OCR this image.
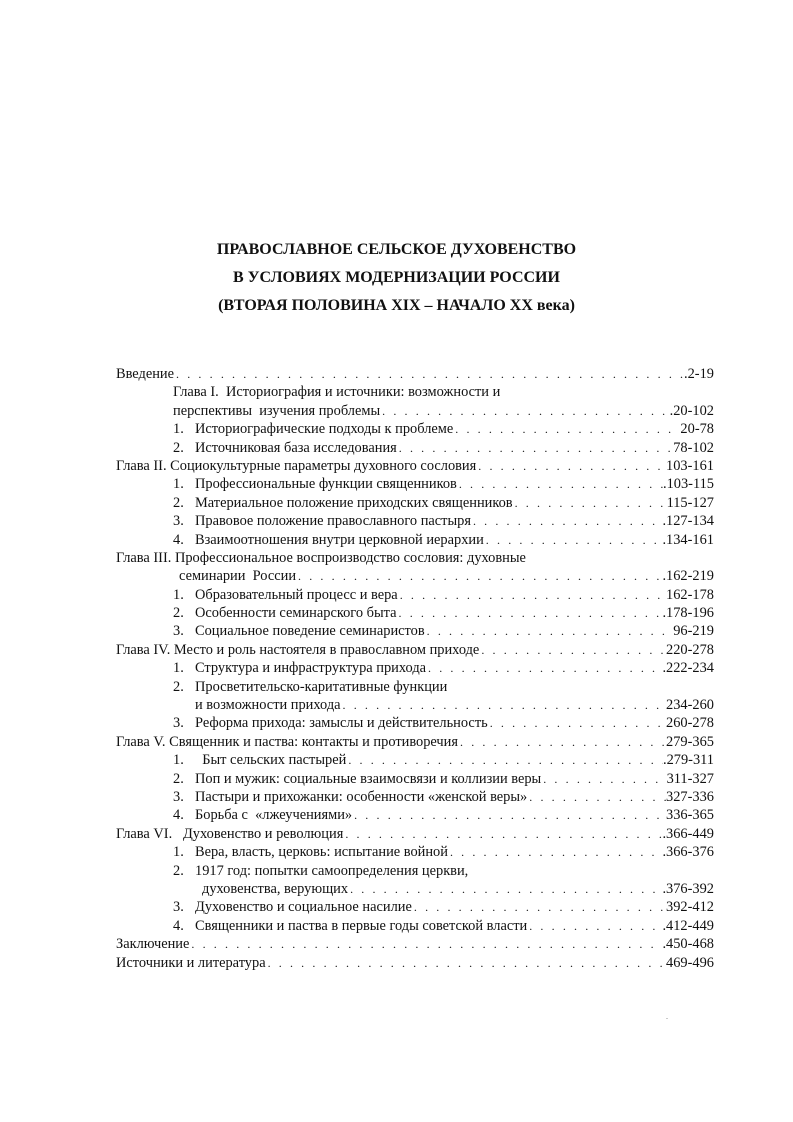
ПРАВОСЛАВНОЕ СЕЛЬСКОЕ ДУХОВЕНСТВО
В УСЛОВИЯХ МОДЕРНИЗАЦИИ РОССИИ
(ВТОРАЯ ПОЛОВИНА XIX – НАЧАЛО XX века)
Введение . . .	.2-19
Глава I.  Историография и источники: возможности и
перспективы  изучения проблемы . . .	.20-102
1. Историографические подходы к проблеме . . .	20-78
2. Источниковая база исследования . . .	78-102
Глава II. Социокультурные параметры духовного сословия . . .	103-161
1. Профессиональные функции священников . . .	.103-115
2. Материальное положение приходских священников . . .	115-127
3. Правовое положение православного пастыря . . .	.127-134
4. Взаимоотношения внутри церковной иерархии . . .	.134-161
Глава III. Профессиональное воспроизводство сословия: духовные
семинарии  России . . .	.162-219
1. Образовательный процесс и вера . . .	162-178
2. Особенности семинарского быта . . .	.178-196
3. Социальное поведение семинаристов . . .	96-219
Глава IV. Место и роль настоятеля в православном приходе . . .	220-278
1. Структура и инфраструктура прихода . . .	.222-234
2. Просветительско-каритативные функции
и возможности прихода . . .	234-260
3. Реформа прихода: замыслы и действительность . . .	260-278
Глава V. Священник и паства: контакты и противоречия . . .	279-365
1. Быт сельских пастырей . . .	.279-311
2. Поп и мужик: социальные взаимосвязи и коллизии веры . . .	311-327
3. Пастыри и прихожанки: особенности «женской веры» . . .	327-336
4. Борьба с  «лжеучениями» . . .	336-365
Глава VI.   Духовенство и революция . . .	.366-449
1. Вера, власть, церковь: испытание войной . . .	.366-376
2. 1917 год: попытки самоопределения церкви,
духовенства, верующих . . .	.376-392
3. Духовенство и социальное насилие . . .	392-412
4. Священники и паства в первые годы советской власти . . .	.412-449
Заключение . . .	.450-468
Источники и литература . . .	469-496
.
